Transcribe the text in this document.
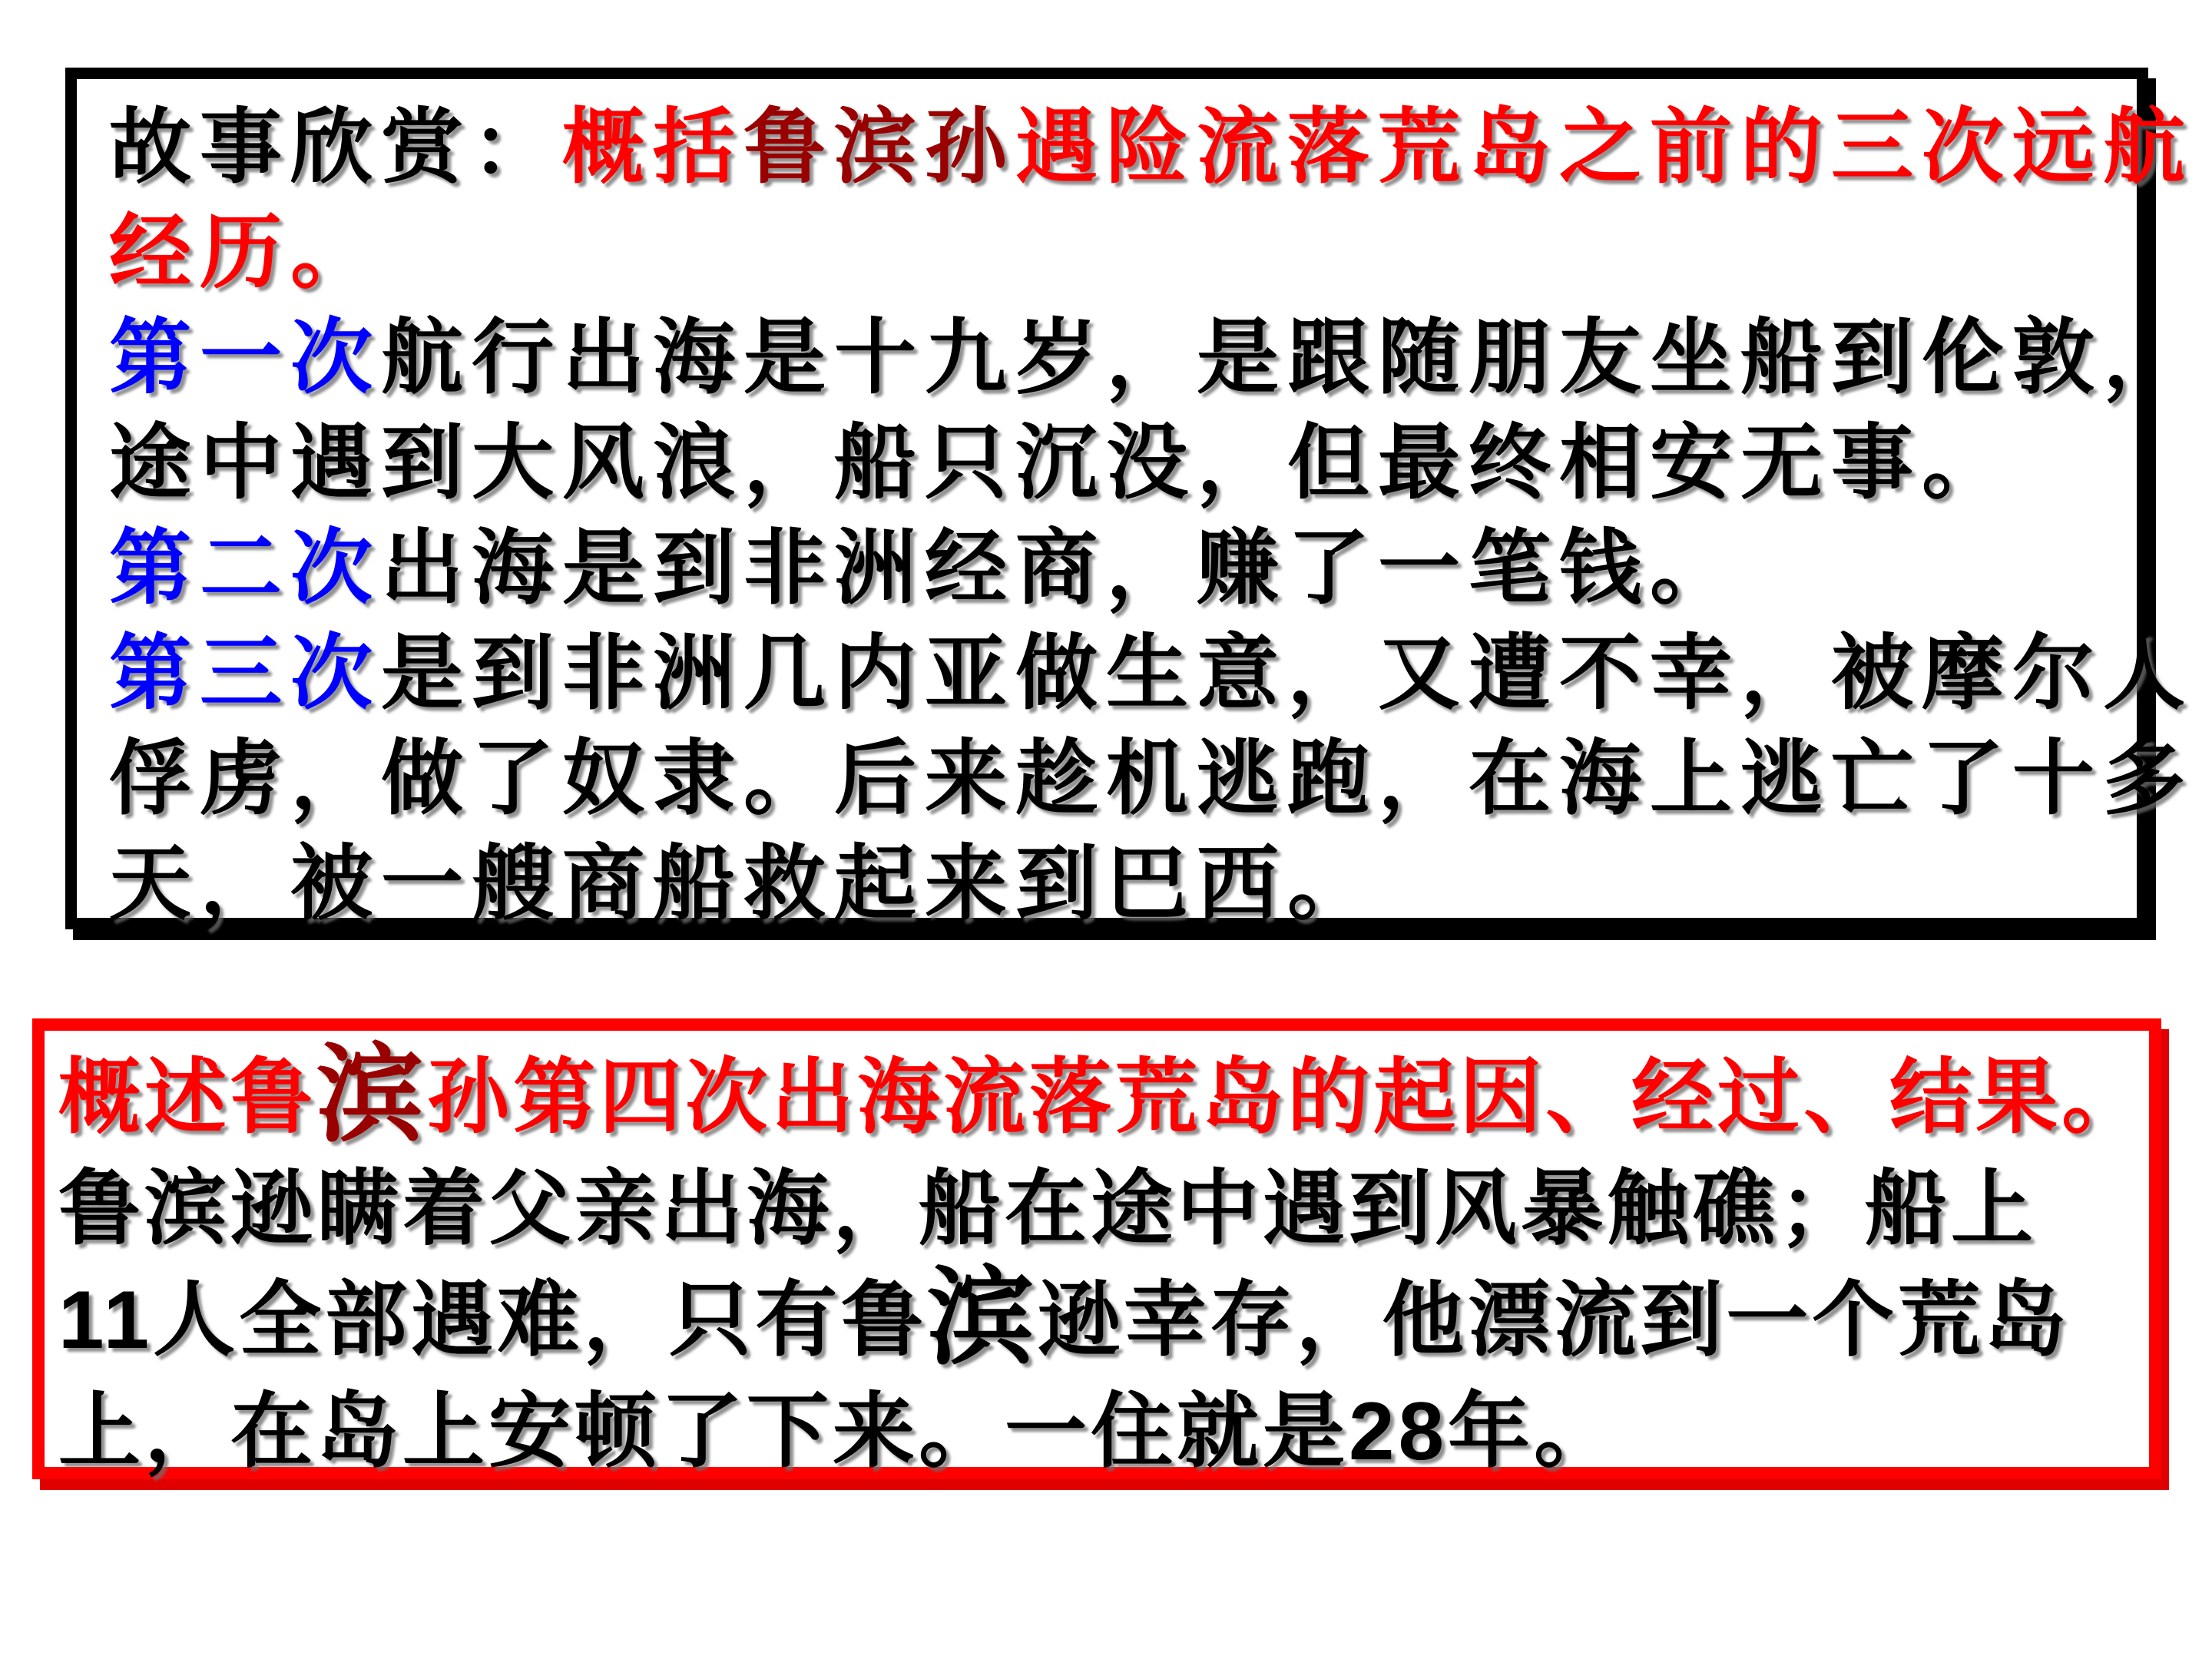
故事欣赏：概括鲁滨孙遇险流落荒岛之前的三次远航
经历。
第一次航行出海是十九岁，是跟随朋友坐船到伦敦，
途中遇到大风浪，船只沉没，但最终相安无事。
第二次出海是到非洲经商，赚了一笔钱。
第三次是到非洲几内亚做生意，又遭不幸，被摩尔人
俘虏，做了奴隶。后来趁机逃跑，在海上逃亡了十多
天，被一艘商船救起来到巴西。
概述鲁滨孙第四次出海流落荒岛的起因、经过、结果。
鲁滨逊瞒着父亲出海，船在途中遇到风暴触礁；船上
11人全部遇难，只有鲁滨逊幸存，他漂流到一个荒岛
上，在岛上安顿了下来。一住就是28年。
